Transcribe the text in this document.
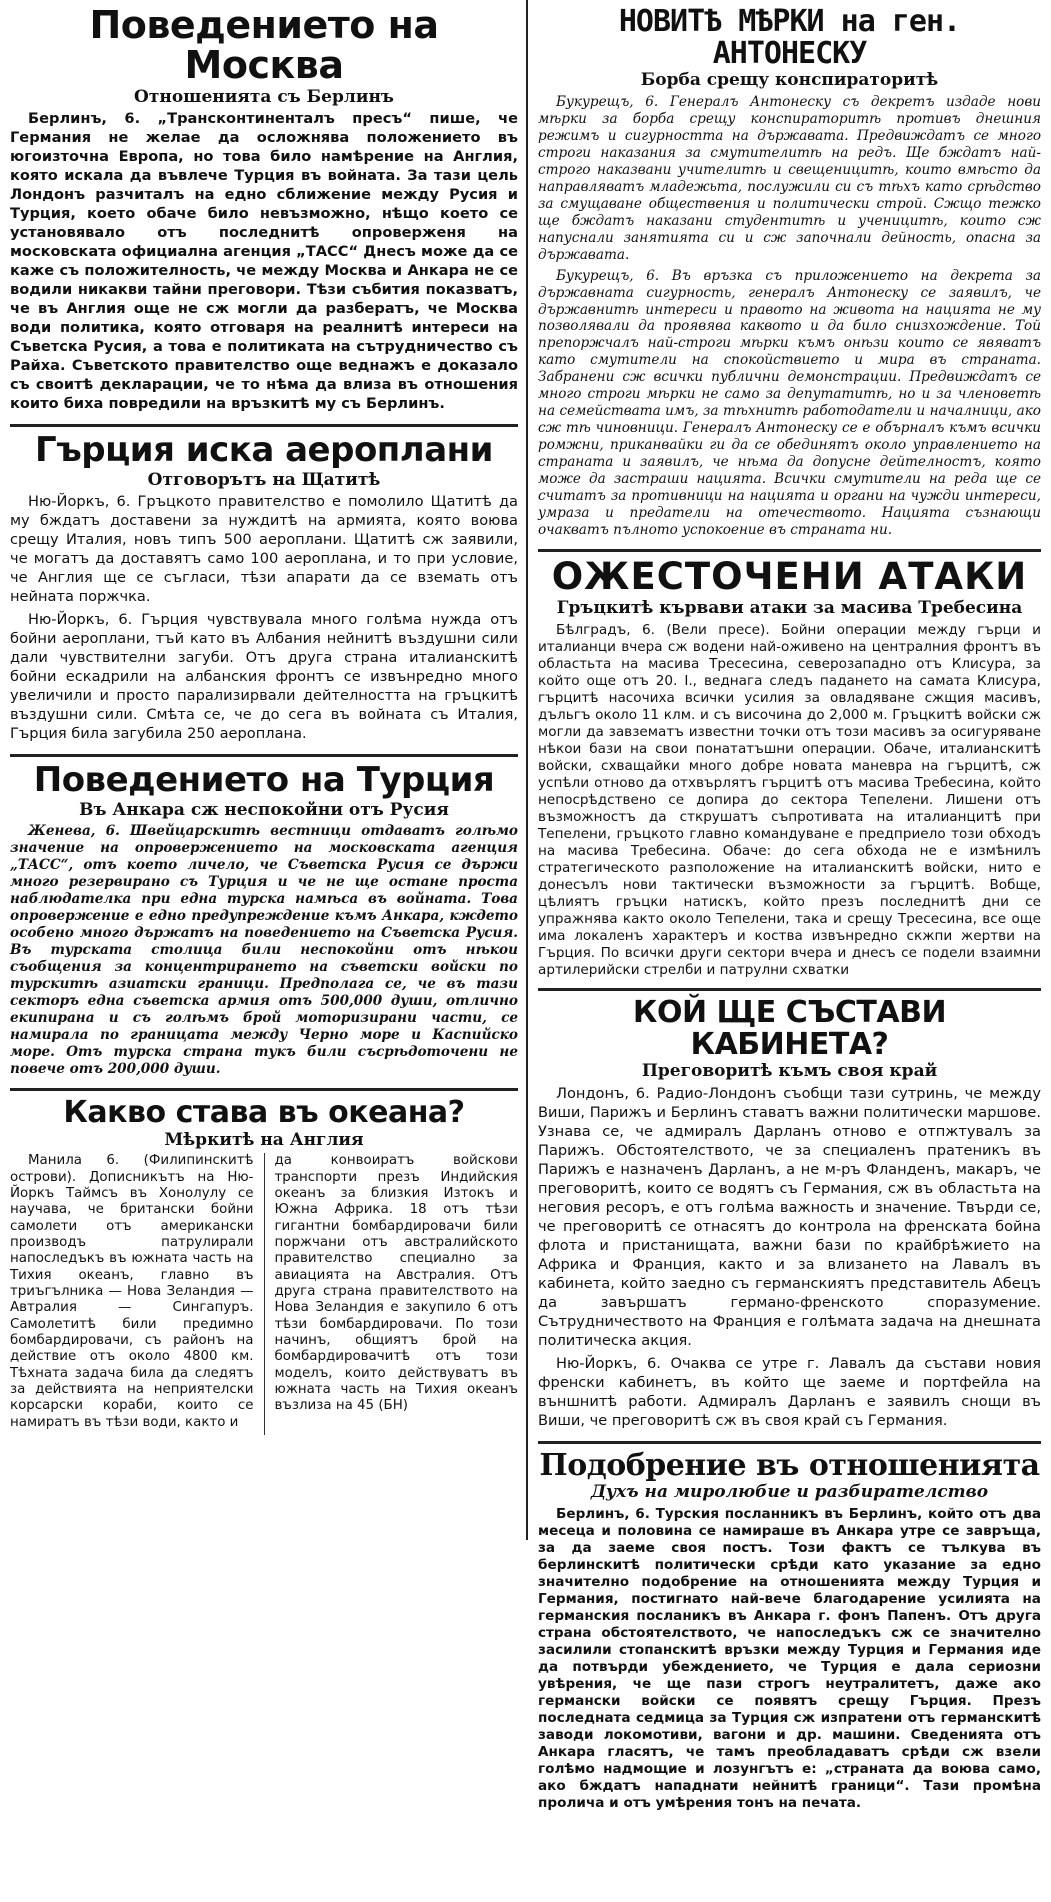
Поведението на Москва
Отношенията съ Берлинъ

Берлинъ, 6. „Трансконтиненталъ пресъ“ пише, че Германия не желае да осложнява положението въ югоизточна Европа, но това било намѣрение на Англия, която искала да въвлече Турция въ войната. За тази цель Лондонъ разчиталъ на едно сближение между Русия и Турция, което обаче било невъзможно, нѣщо което се установявало отъ последнитѣ опроверженя на московската официална агенция „ТАСС“ Днесъ може да се каже съ положителность, че между Москва и Анкара не се водили никакви тайни преговори. Тѣзи събития показватъ, че въ Англия още не сж могли да разбератъ, че Москва води политика, която отговаря на реалнитѣ интереси на Съветска Русия, а това е политиката на сътрудничество съ Райха. Съветското правителство още веднажъ е доказало съ своитѣ декларации, че то нѣма да влиза въ отношения които биха повредили на връзкитѣ му съ Берлинъ.

Гърция иска аероплани
Отговорътъ на Щатитѣ

Ню-Йоркъ, 6. Гръцкото правителство е помолило Щатитѣ да му бждатъ доставени за нуждитѣ на армията, която воюва срещу Италия, новъ типъ 500 аероплани. Щатитѣ сж заявили, че могатъ да доставятъ само 100 аероплана, и то при условие, че Англия ще се съгласи, тѣзи апарати да се вземать отъ нейната поржчка.

Ню-Йоркъ, 6. Гърция чувствувала много голѣма нужда отъ бойни аероплани, тъй като въ Албания нейнитѣ въздушни сили дали чувствителни загуби. Отъ друга страна италианскитѣ бойни ескадрили на албанския фронтъ се извънредно много увеличили и просто парализирвали дейтелността на гръцкитѣ въздушни сили. Смѣта се, че до сега въ войната съ Италия, Гърция била загубила 250 аероплана.

Поведението на Турция
Въ Анкара сж неспокойни отъ Русия

Женева, 6. Швейцарскитѣ вестници отдаватъ голѣмо значение на опровержението на московската агенция „ТАСС“, отъ което личело, че Съветска Русия се държи много резервирано съ Турция и че не ще остане проста наблюдателка при една турска намѣса въ войната. Това опровержение е едно предупреждение къмъ Анкара, кждето особено много държатъ на поведението на Съветска Русия. Въ турската столица били неспокойни отъ нѣкои съобщения за концентрирането на съветски войски по турскитѣ азиатски граници. Предполага се, че въ тази секторъ една съветска армия отъ 500,000 души, отлично екипирана и съ голѣмъ брой моторизирани части, се намирала по границата между Черно море и Каспийско море. Отъ турска страна тукъ били съсрѣдоточени не повече отъ 200,000 души.

Какво става въ океана?
Мѣркитѣ на Англия

Манила 6. (Филипинскитѣ острови). Дописникътъ на Ню-Йоркъ Таймсъ въ Хонолулу се научава, че британски бойни самолети отъ американски производъ патрулирали напоследъкъ въ южната часть на Тихия океанъ, главно въ триъгълника — Нова Зеландия — Автралия — Сингапуръ. Самолетитѣ били предимно бомбардировачи, съ районъ на действие отъ около 4800 км. Тѣхната задача била да следятъ за действията на неприятелски корсарски кораби, които се намиратъ въ тѣзи води, както и

да конвоиратъ войскови транспорти презъ Индийския океанъ за близкия Изтокъ и Южна Африка. 18 отъ тѣзи гигантни бомбардировачи били поржчани отъ австралийското правителство специално за авиацията на Австралия. Отъ друга страна правителството на Нова Зеландия е закупило 6 отъ тѣзи бомбардировачи. По този начинъ, общиятъ брой на бомбардировачитѣ отъ този моделъ, които действуватъ въ южната часть на Тихия океанъ възлиза на 45 (БН)

НОВИТѢ МѢРКИ на ген. АНТОНЕСКУ
Борба срещу конспираторитѣ

Букурещъ, 6. Генералъ Антонеску съ декретъ издаде нови мѣрки за борба срещу конспираторитѣ противъ днешния режимъ и сигурността на държавата. Предвиждатъ се много строги наказания за смутителитѣ на редъ. Ще бждатъ най-строго наказвани учителитѣ и свещеницитѣ, които вмѣсто да направляватъ младежьта, послужили си съ тѣхъ като срѣдство за смущаване обществения и политически строй. Сжщо тежко ще бждатъ наказани студентитѣ и ученицитѣ, които сж напуснали занятията си и сж започнали дейность, опасна за държавата.

Букурещъ, 6. Въ връзка съ приложението на декрета за държавната сигурность, генералъ Антонеску се заявилъ, че държавнитѣ интереси и правото на живота на нацията не му позволявали да проявява каквото и да било снизхождение. Той препоржчалъ най-строги мѣрки къмъ онѣзи които се явяватъ като смутители на спокойствието и мира въ страната. Забранени сж всички публични демонстрации. Предвиждатъ се много строги мѣрки не само за депутатитѣ, но и за членоветѣ на семействата имъ, за тѣхнитѣ работодатели и началници, ако сж тѣ чиновници. Генералъ Антонеску се е обърналъ къмъ всички ромжни, приканвайки ги да се обединятъ около управлението на страната и заявилъ, че нѣма да допусне дейтелностъ, която може да застраши нацията. Всички смутители на реда ще се считатъ за противници на нацията и органи на чужди интереси, умраза и предатели на отечеството. Нацията съзнающи очакватъ пълното успокоение въ страната ни.

ОЖЕСТОЧЕНИ АТАКИ
Гръцкитѣ кървави атаки за масива Требесина

Бѣлградъ, 6. (Вели пресе). Бойни операции между гърци и италианци вчера сж водени най-оживено на централния фронтъ въ областьта на масива Тресесина, северозападно отъ Клисура, за който още отъ 20. I., веднага следъ падането на самата Клисура, гърцитѣ насочиха всички усилия за овладяване сжщия масивъ, дъльгъ около 11 клм. и съ височина до 2,000 м. Гръцкитѣ войски сж могли да завзематъ известни точки отъ този масивъ за осигуряване нѣкои бази на свои понататъшни операции. Обаче, италианскитѣ войски, схващайки много добре новата маневра на гърцитѣ, сж успѣли отново да отхвърлятъ гърцитѣ отъ масива Требесина, който непосрѣдствено се допира до сектора Тепелени. Лишени отъ възможностъ да сткрушатъ съпротивата на италианцитѣ при Тепелени, гръцкото главно командуване е предприело този обходъ на масива Требесина. Обаче: до сега обхода не е измѣнилъ стратегическото разположение на италианскитѣ войски, нито е донесълъ нови тактически възможности за гърцитѣ. Вобще, цѣлиятъ гръцки натискъ, който презъ последнитѣ дни се упражнява както около Тепелени, така и срещу Тресесина, все още има локаленъ характеръ и коства извънредно скжпи жертви на Гърция. По всички други сектори вчера и днесъ се подели взаимни артилерийски стрелби и патрулни схватки

КОЙ ЩЕ СЪСТАВИ КАБИНЕТА?
Преговоритѣ къмъ своя край

Лондонъ, 6. Радио-Лондонъ съобщи тази сутринь, че между Виши, Парижъ и Берлинъ ставатъ важни политически маршове. Узнава се, че адмиралъ Дарланъ отново е отпжтувалъ за Парижъ. Обстоятелството, че за специаленъ пратеникъ въ Парижъ е назначенъ Дарланъ, а не м-ръ Фланденъ, макаръ, че преговоритѣ, които се водятъ съ Германия, сж въ областьта на неговия ресоръ, е отъ голѣма важность и значение. Твърди се, че преговоритѣ се отнасятъ до контрола на френската бойна флота и пристанищата, важни бази по крайбрѣжието на Африка и Франция, както и за влизането на Лавалъ въ кабинета, който заедно съ германскиятъ представитель Абецъ да завършатъ германо-френското споразумение. Сътрудничеството на Франция е голѣмата задача на днешната политическа акция.

Ню-Йоркъ, 6. Очаква се утре г. Лавалъ да състави новия френски кабинетъ, въ който ще заеме и портфейла на външнитѣ работи. Адмиралъ Дарланъ е заявилъ снощи въ Виши, че преговоритѣ сж въ своя край съ Германия.

Подобрение въ отношенията
Духъ на миролюбие и разбирателство

Берлинъ, 6. Турския посланникъ въ Берлинъ, който отъ два месеца и половина се намираше въ Анкара утре се завръща, за да заеме своя постъ. Този фактъ се тълкува въ берлинскитѣ политически срѣди като указание за едно значително подобрение на отношенията между Турция и Германия, постигнато най-вече благодарение усилията на германския посланикъ въ Анкара г. фонъ Папенъ. Отъ друга страна обстоятелството, че напоследъкъ сж се значително засилили стопанскитѣ връзки между Турция и Германия иде да потвърди убеждението, че Турция е дала сериозни увѣрения, че ще пази строгъ неутралитетъ, даже ако германски войски се появятъ срещу Гърция. Презъ последната седмица за Турция сж изпратени отъ германскитѣ заводи локомотиви, вагони и др. машини. Сведенията отъ Анкара гласятъ, че тамъ преобладаватъ срѣди сж взели голѣмо надмощие и лозунгътъ е: „страната да воюва само, ако бждатъ нападнати нейнитѣ граници“. Тази промѣна пролича и отъ умѣрения тонъ на печата.
